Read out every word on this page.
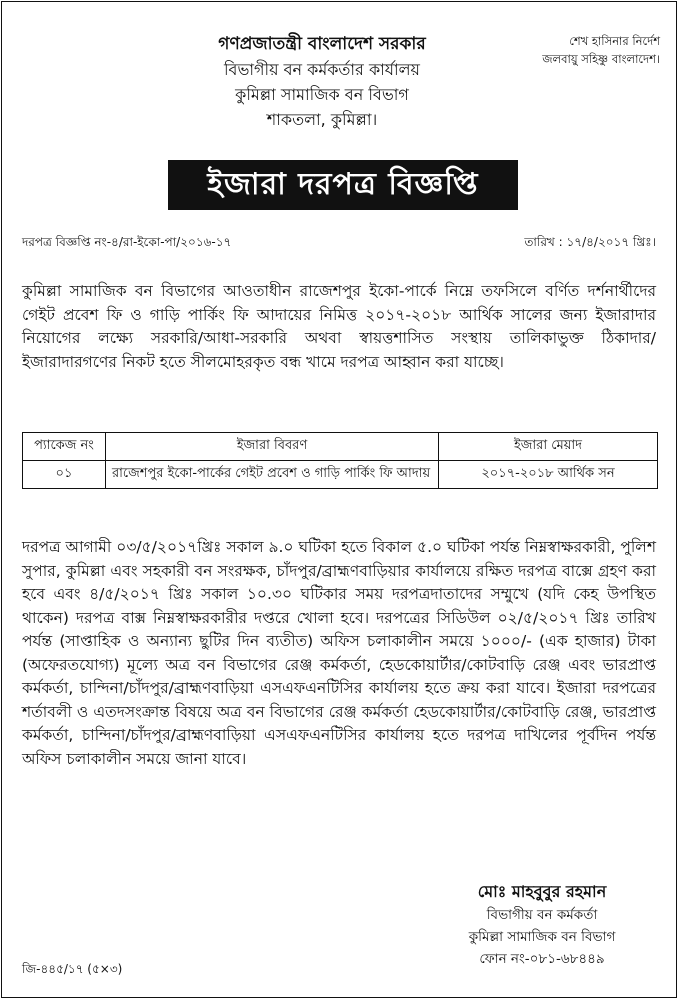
গণপ্রজাতন্ত্রী বাংলাদেশ সরকার
বিভাগীয় বন কর্মকর্তার কার্যালয়
কুমিল্লা সামাজিক বন বিভাগ
শাকতলা, কুমিল্লা।
শেখ হাসিনার নির্দেশ
জলবায়ু সহিষ্ণু বাংলাদেশ।
ইজারা দরপত্র বিজ্ঞপ্তি
দরপত্র বিজ্ঞপ্তি নং-৪/রা-ইকো-পা/২০১৬-১৭	তারিখ : ১৭/৪/২০১৭ খ্রিঃ।
কুমিল্লা সামাজিক বন বিভাগের আওতাধীন রাজেশপুর ইকো-পার্কে নিম্নে তফসিলে বর্ণিত দর্শনার্থীদের গেইট প্রবেশ ফি ও গাড়ি পার্কিং ফি আদায়ের নিমিত্ত ২০১৭-২০১৮ আর্থিক সালের জন্য ইজারাদার নিয়োগের লক্ষ্যে সরকারি/আধা-সরকারি অথবা স্বায়ত্তশাসিত সংস্থায় তালিকাভুক্ত ঠিকাদার/ইজারাদারগণের নিকট হতে সীলমোহরকৃত বন্ধ খামে দরপত্র আহ্বান করা যাচ্ছে।
প্যাকেজ নং	ইজারা বিবরণ	ইজারা মেয়াদ
০১	রাজেশপুর ইকো-পার্কের গেইট প্রবেশ ও গাড়ি পার্কিং ফি আদায়	২০১৭-২০১৮ আর্থিক সন
দরপত্র আগামী ০৩/৫/২০১৭খ্রিঃ সকাল ৯.০ ঘটিকা হতে বিকাল ৫.০ ঘটিকা পর্যন্ত নিম্নস্বাক্ষরকারী, পুলিশ সুপার, কুমিল্লা এবং সহকারী বন সংরক্ষক, চাঁদপুর/ব্রাহ্মণবাড়িয়ার কার্যালয়ে রক্ষিত দরপত্র বাক্সে গ্রহণ করা হবে এবং ৪/৫/২০১৭ খ্রিঃ সকাল ১০.৩০ ঘটিকার সময় দরপত্রদাতাদের সম্মুখে (যদি কেহ উপস্থিত থাকেন) দরপত্র বাক্স নিম্নস্বাক্ষরকারীর দপ্তরে খোলা হবে। দরপত্রের সিডিউল ০২/৫/২০১৭ খ্রিঃ তারিখ পর্যন্ত (সাপ্তাহিক ও অন্যান্য ছুটির দিন ব্যতীত) অফিস চলাকালীন সময়ে ১০০০/- (এক হাজার) টাকা (অফেরতযোগ্য) মূল্যে অত্র বন বিভাগের রেঞ্জ কর্মকর্তা, হেডকোয়ার্টার/কোটবাড়ি রেঞ্জ এবং ভারপ্রাপ্ত কর্মকর্তা, চান্দিনা/চাঁদপুর/ব্রাহ্মণবাড়িয়া এসএফএনটিসির কার্যালয় হতে ক্রয় করা যাবে। ইজারা দরপত্রের শর্তাবলী ও এতদসংক্রান্ত বিষয়ে অত্র বন বিভাগের রেঞ্জ কর্মকর্তা হেডকোয়ার্টার/কোটবাড়ি রেঞ্জ, ভারপ্রাপ্ত কর্মকর্তা, চান্দিনা/চাঁদপুর/ব্রাহ্মণবাড়িয়া এসএফএনটিসির কার্যালয় হতে দরপত্র দাখিলের পূর্বদিন পর্যন্ত অফিস চলাকালীন সময়ে জানা যাবে।
মোঃ মাহবুবুর রহমান
বিভাগীয় বন কর্মকর্তা
কুমিল্লা সামাজিক বন বিভাগ
ফোন নং-০৮১-৬৮৪৪৯
জি-৪৪৫/১৭ (৫×৩)
